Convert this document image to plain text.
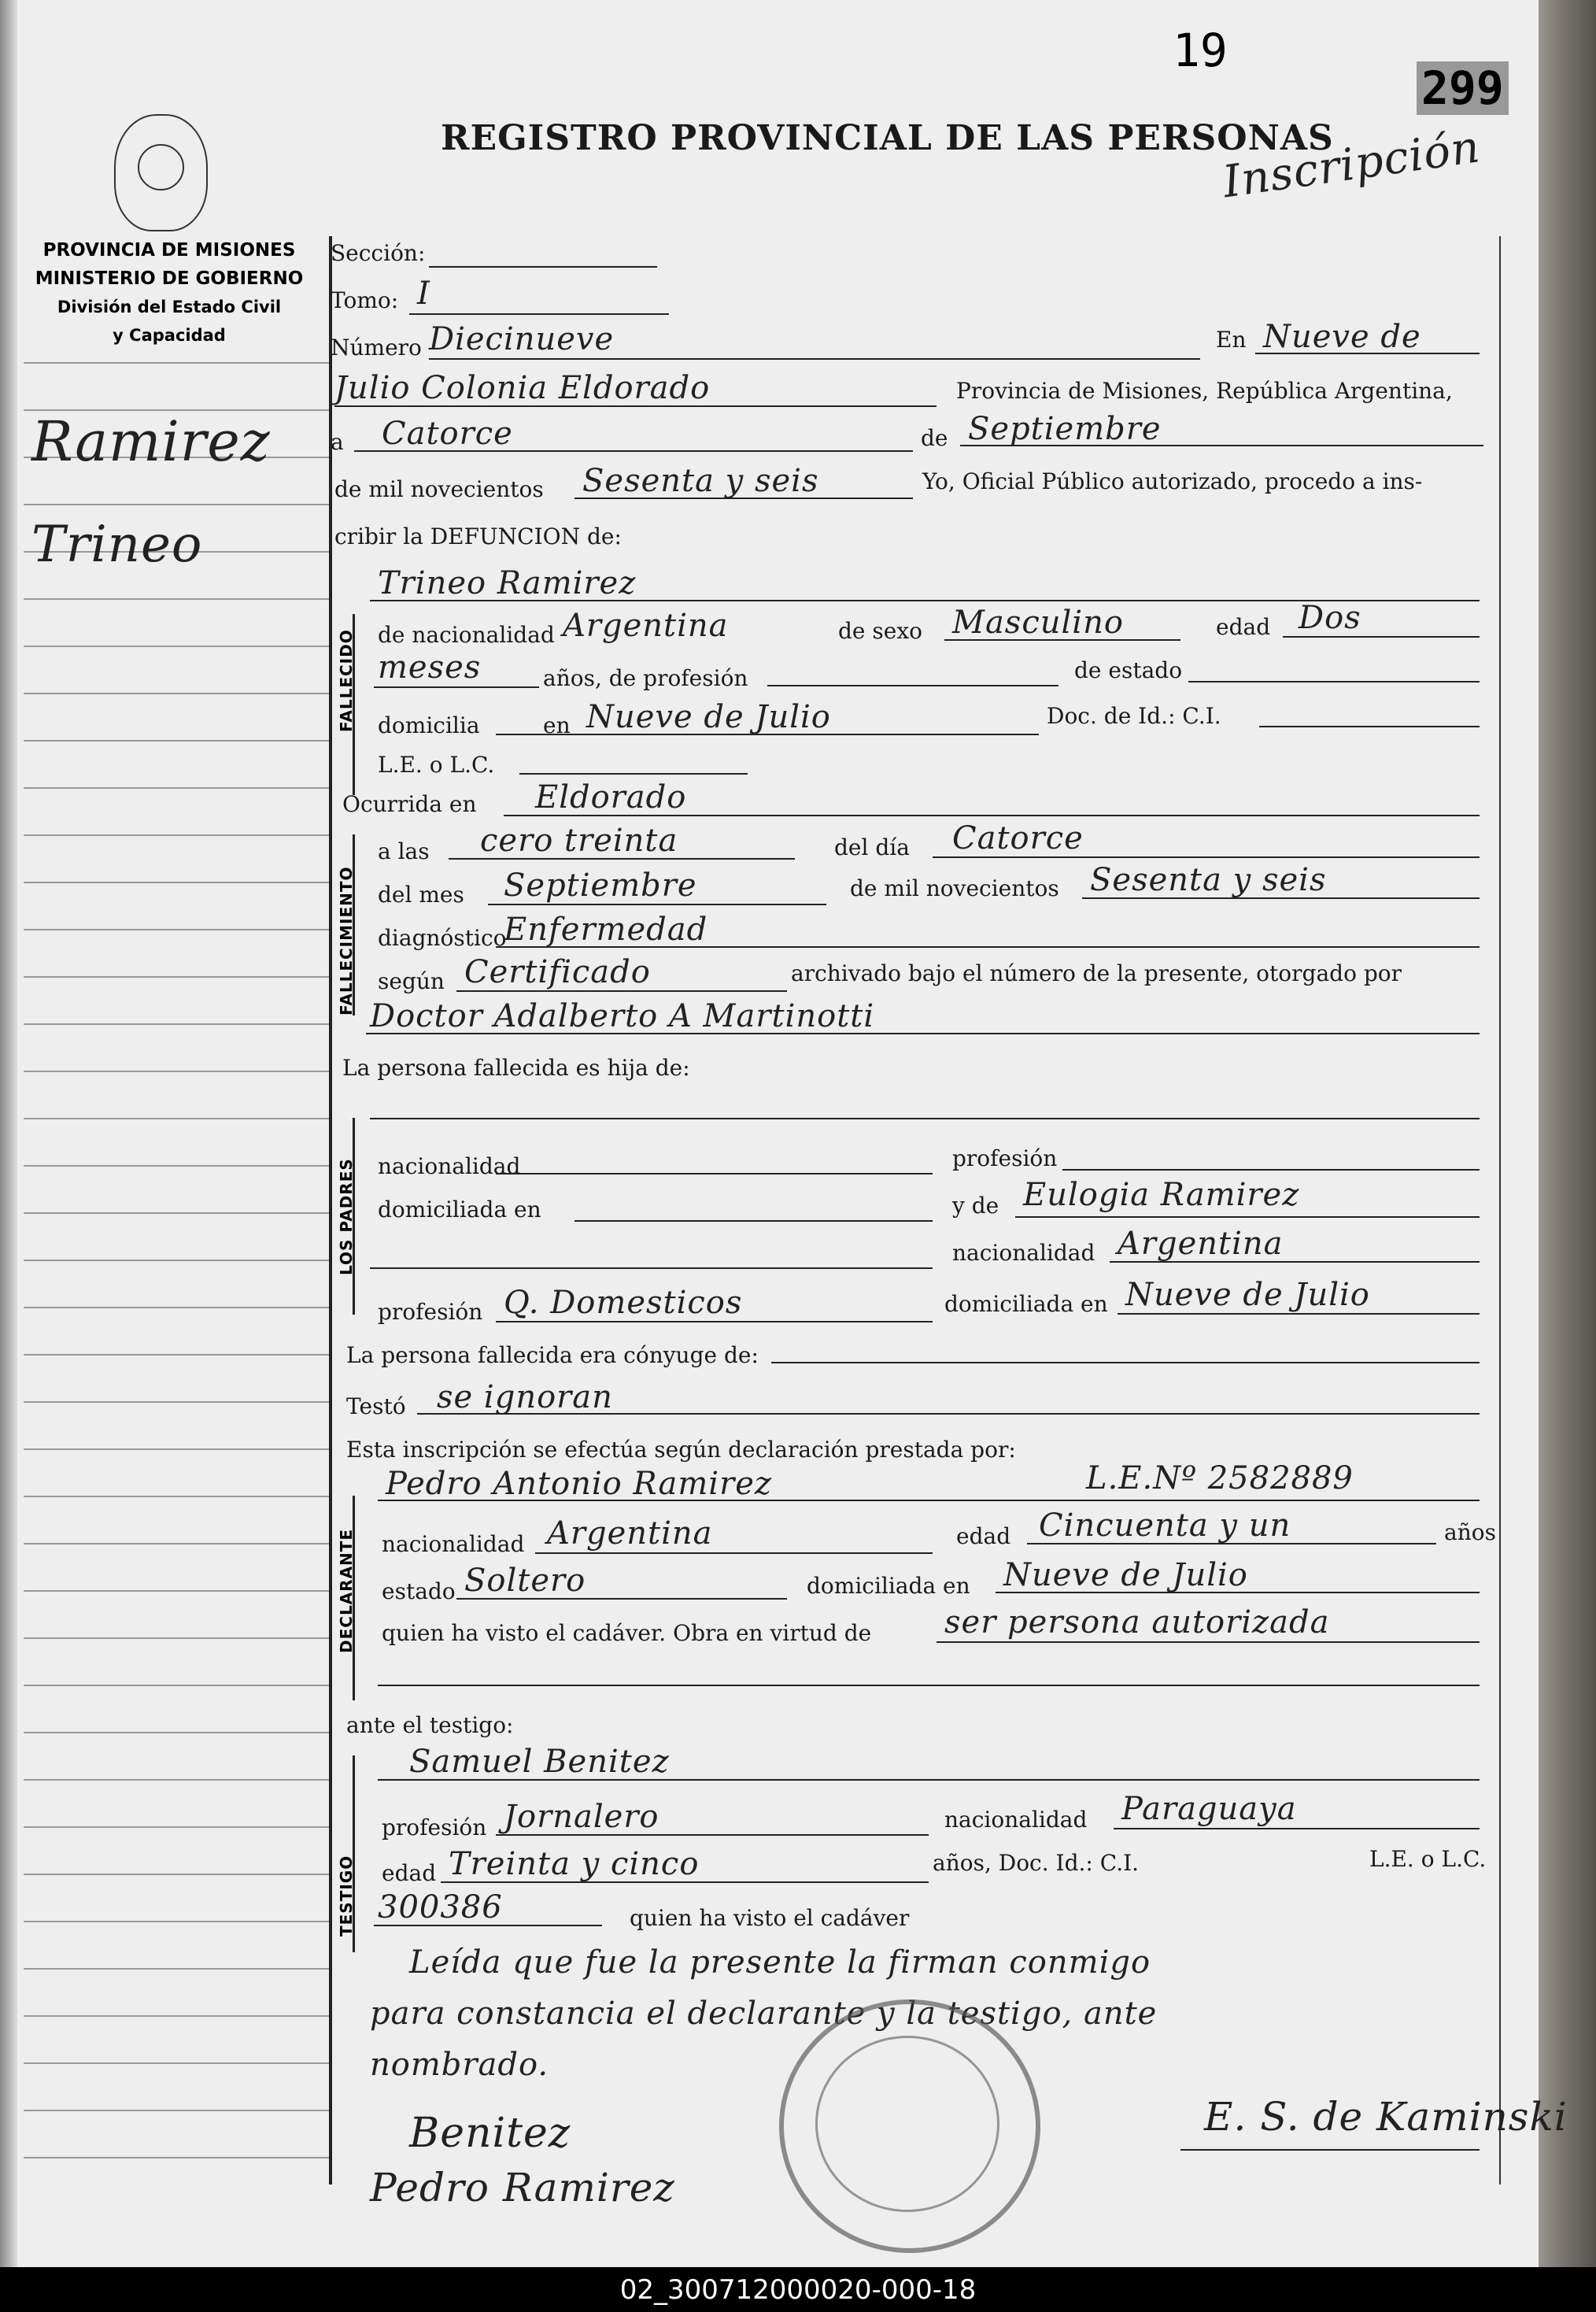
19
299
REGISTRO PROVINCIAL DE LAS PERSONAS
Inscripción
PROVINCIA DE MISIONES
MINISTERIO DE GOBIERNO
División del Estado Civil
y Capacidad
Ramirez
Trineo
FALLECIDO
FALLECIMIENTO
LOS PADRES
DECLARANTE
TESTIGO
Sección:
Tomo: I
Número Diecinueve	En Nueve de
Julio Colonia Eldorado	Provincia de Misiones, República Argentina,
a Catorce	de Septiembre
de mil novecientos Sesenta y seis	Yo, Oficial Público autorizado, procedo a ins-
cribir la DEFUNCION de:
Trineo Ramirez
de nacionalidad Argentina	de sexo Masculino	edad Dos
meses	años, de profesión	de estado
domicilia	en Nueve de Julio	Doc. de Id.: C.I.
L.E. o L.C.
Ocurrida en Eldorado
a las cero treinta	del día Catorce
del mes Septiembre	de mil novecientos Sesenta y seis
diagnóstico
Enfermedad
según Certificado	archivado bajo el número de la presente, otorgado por
Doctor Adalberto A Martinotti
La persona fallecida es hija de:
nacionalidad	profesión
domiciliada en	y de Eulogia Ramirez
nacionalidad Argentina
profesión Q. Domesticos	domiciliada en Nueve de Julio
La persona fallecida era cónyuge de:
Testó se ignoran
Esta inscripción se efectúa según declaración prestada por:
Pedro Antonio Ramirez	L.E.Nº 2582889
nacionalidad Argentina	edad Cincuenta y un	años
estado Soltero	domiciliada en Nueve de Julio
quien ha visto el cadáver. Obra en virtud de ser persona autorizada
ante el testigo:
Samuel Benitez
profesión Jornalero	nacionalidad Paraguaya
edad Treinta y cinco	años, Doc. Id.: C.I.	L.E. o L.C.
300386	quien ha visto el cadáver
Leída que fue la presente la firman conmigo
para constancia el declarante y la testigo, ante
nombrado.
Benitez
Pedro Ramirez
E. S. de Kaminski
02_300712000020-000-18
